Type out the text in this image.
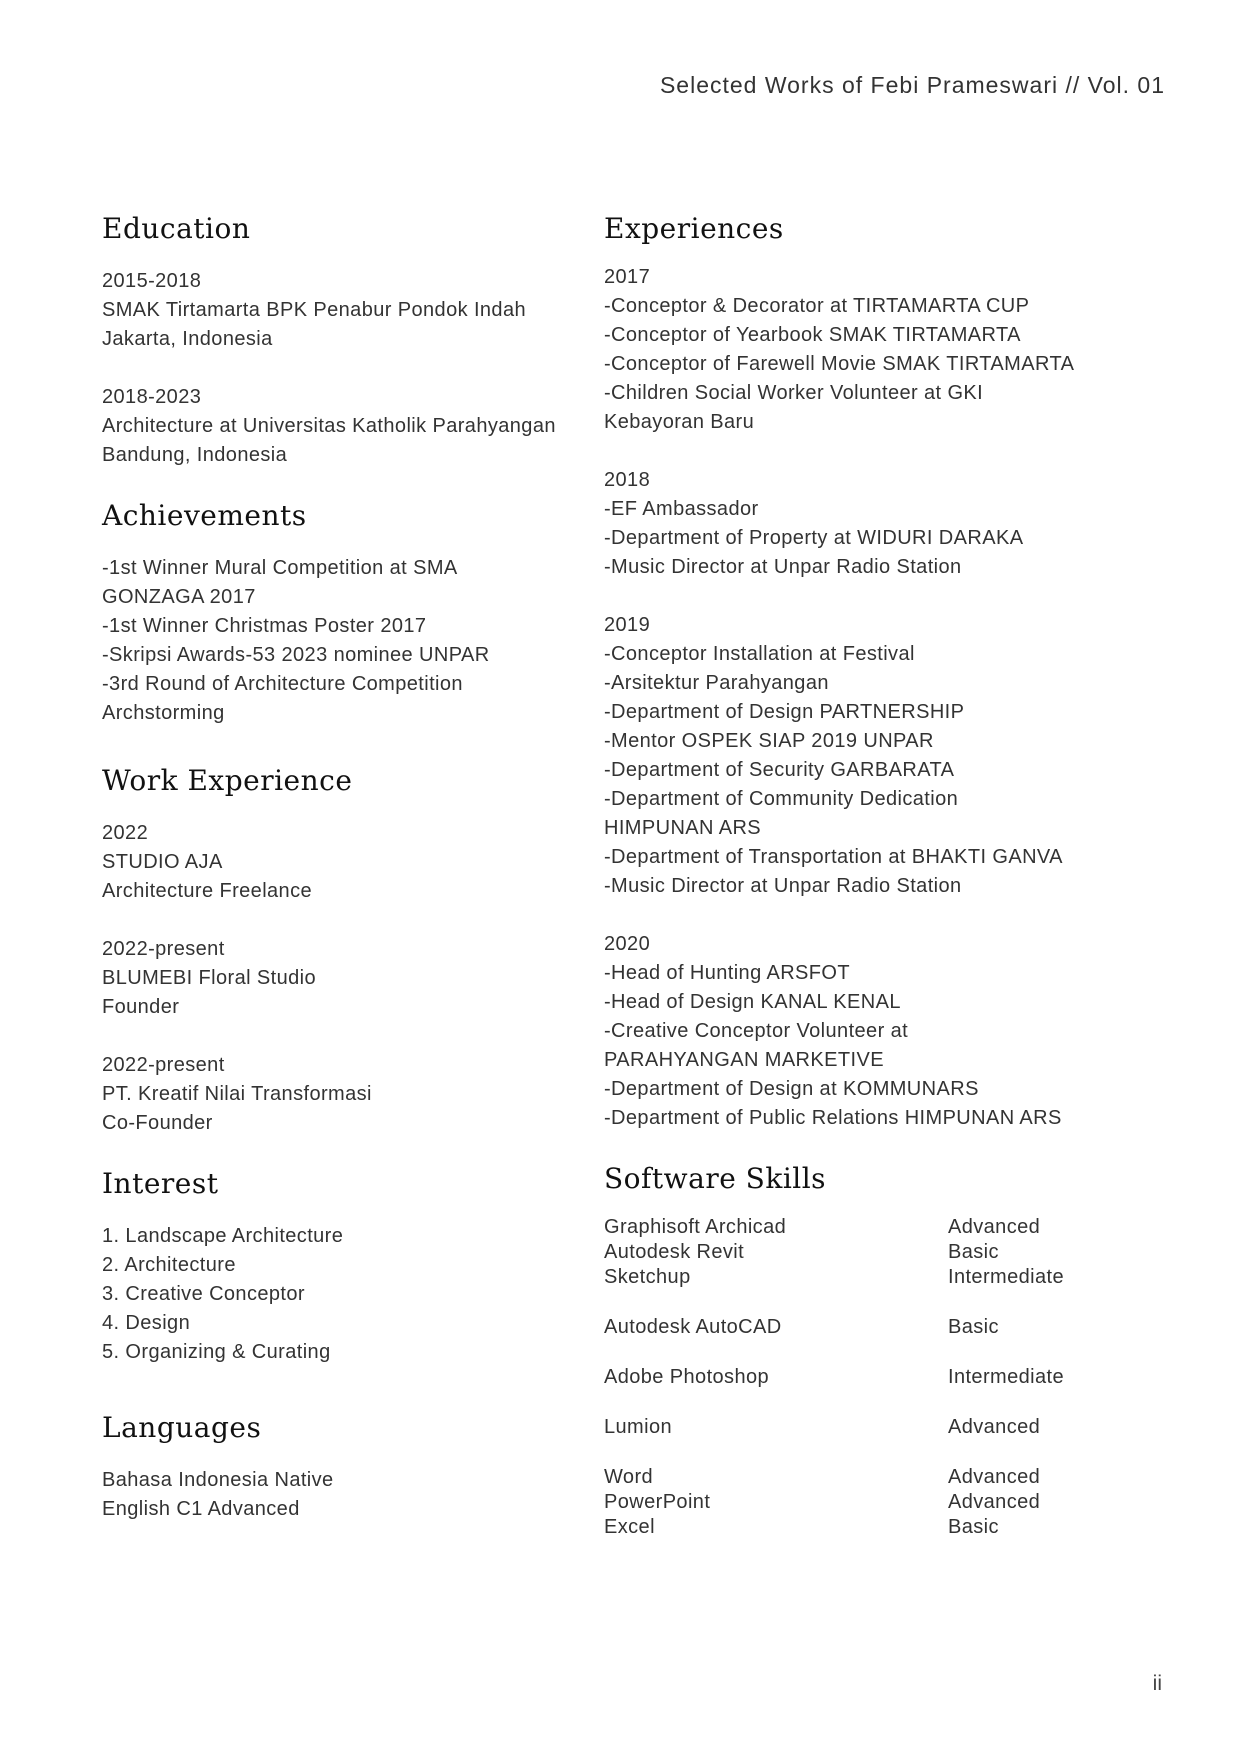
Selected Works of Febi Prameswari // Vol. 01
Education
2015-2018
SMAK Tirtamarta BPK Penabur Pondok Indah
Jakarta, Indonesia
2018-2023
Architecture at Universitas Katholik Parahyangan
Bandung, Indonesia
Achievements
-1st Winner Mural Competition at SMA
GONZAGA 2017
-1st Winner Christmas Poster 2017
-Skripsi Awards-53 2023 nominee UNPAR
-3rd Round of Architecture Competition
Archstorming
Work Experience
2022
STUDIO AJA
Architecture Freelance
2022-present
BLUMEBI Floral Studio
Founder
2022-present
PT. Kreatif Nilai Transformasi
Co-Founder
Interest
1. Landscape Architecture
2. Architecture
3. Creative Conceptor
4. Design
5. Organizing & Curating
Languages
Bahasa Indonesia Native
English C1 Advanced
Experiences
2017
-Conceptor & Decorator at TIRTAMARTA CUP
-Conceptor of Yearbook SMAK TIRTAMARTA
-Conceptor of Farewell Movie SMAK TIRTAMARTA
-Children Social Worker Volunteer at GKI
Kebayoran Baru
2018
-EF Ambassador
-Department of Property at WIDURI DARAKA
-Music Director at Unpar Radio Station
2019
-Conceptor Installation at Festival
-Arsitektur Parahyangan
-Department of Design PARTNERSHIP
-Mentor OSPEK SIAP 2019 UNPAR
-Department of Security GARBARATA
-Department of Community Dedication
HIMPUNAN ARS
-Department of Transportation at BHAKTI GANVA
-Music Director at Unpar Radio Station
2020
-Head of Hunting ARSFOT
-Head of Design KANAL KENAL
-Creative Conceptor Volunteer at
PARAHYANGAN MARKETIVE
-Department of Design at KOMMUNARS
-Department of Public Relations HIMPUNAN ARS
Software Skills
Graphisoft Archicad	Advanced
Autodesk Revit	Basic
Sketchup	Intermediate
Autodesk AutoCAD	Basic
Adobe Photoshop	Intermediate
Lumion	Advanced
Word	Advanced
PowerPoint	Advanced
Excel	Basic
ii
